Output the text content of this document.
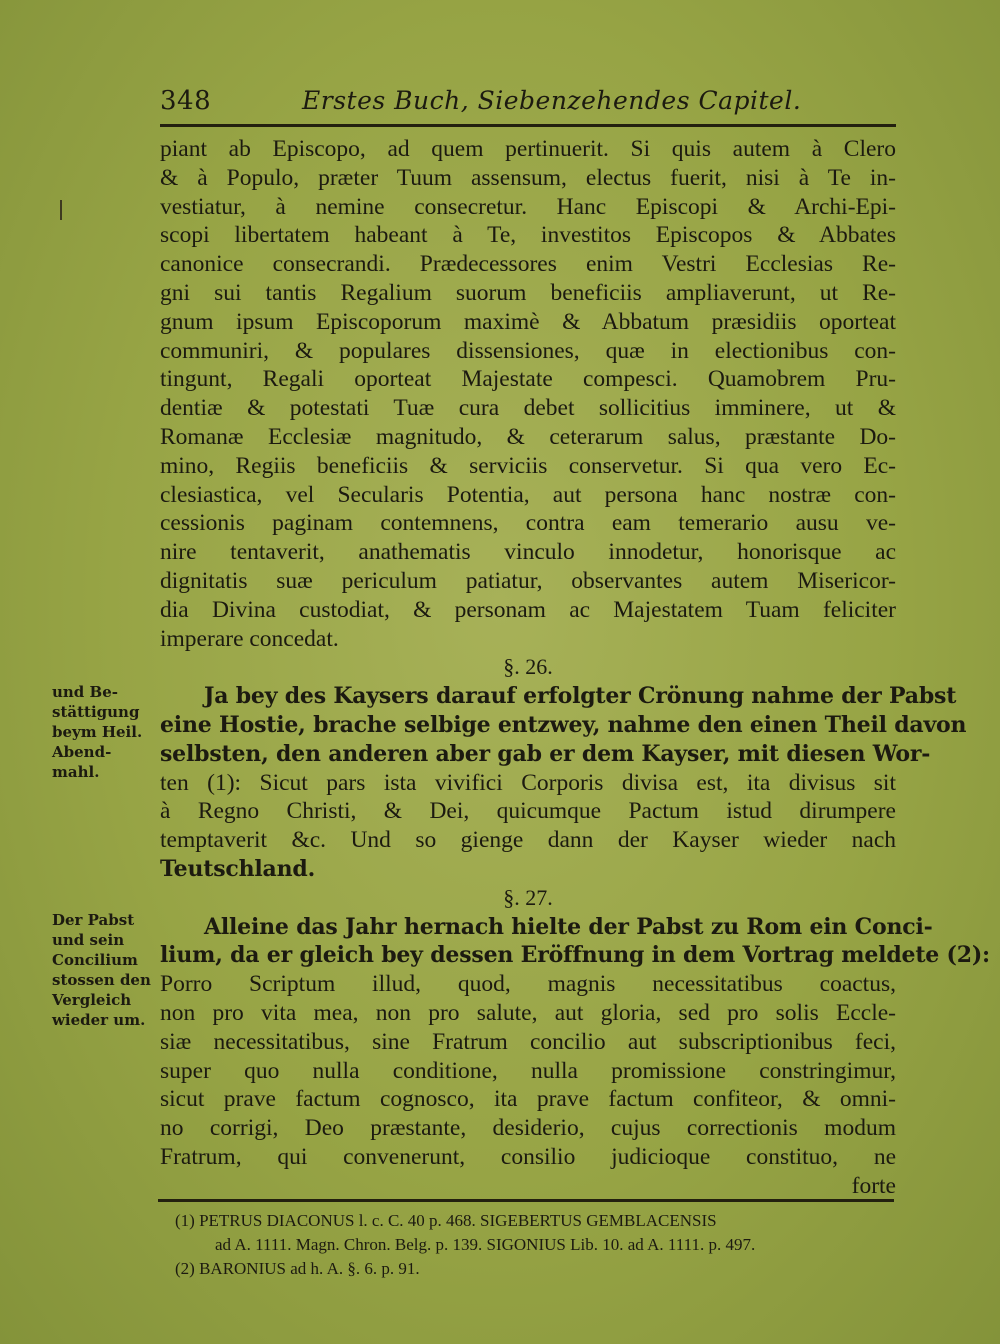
348	Erstes Buch, Siebenzehendes Capitel.
piant ab Episcopo, ad quem pertinuerit. Si quis autem à Clero
& à Populo, præter Tuum assensum, electus fuerit, nisi à Te in-
vestiatur, à nemine consecretur. Hanc Episcopi & Archi-Epi-
scopi libertatem habeant à Te, investitos Episcopos & Abbates
canonice consecrandi. Prædecessores enim Vestri Ecclesias Re-
gni sui tantis Regalium suorum beneficiis ampliaverunt, ut Re-
gnum ipsum Episcoporum maximè & Abbatum præsidiis oporteat
communiri, & populares dissensiones, quæ in electionibus con-
tingunt, Regali oporteat Majestate compesci. Quamobrem Pru-
dentiæ & potestati Tuæ cura debet sollicitius imminere, ut &
Romanæ Ecclesiæ magnitudo, & ceterarum salus, præstante Do-
mino, Regiis beneficiis & serviciis conservetur. Si qua vero Ec-
clesiastica, vel Secularis Potentia, aut persona hanc nostræ con-
cessionis paginam contemnens, contra eam temerario ausu ve-
nire tentaverit, anathematis vinculo innodetur, honorisque ac
dignitatis suæ periculum patiatur, observantes autem Misericor-
dia Divina custodiat, & personam ac Majestatem Tuam feliciter
imperare concedat.
§. 26.
Ja bey des Kaysers darauf erfolgter Crönung nahme der Pabst
eine Hostie, brache selbige entzwey, nahme den einen Theil davon
selbsten, den anderen aber gab er dem Kayser, mit diesen Wor-
ten (1): Sicut pars ista vivifici Corporis divisa est, ita divisus sit
à Regno Christi, & Dei, quicumque Pactum istud dirumpere
temptaverit &c. Und so gienge dann der Kayser wieder nach
Teutschland.
§. 27.
Alleine das Jahr hernach hielte der Pabst zu Rom ein Conci-
lium, da er gleich bey dessen Eröffnung in dem Vortrag meldete (2):
Porro Scriptum illud, quod, magnis necessitatibus coactus,
non pro vita mea, non pro salute, aut gloria, sed pro solis Eccle-
siæ necessitatibus, sine Fratrum concilio aut subscriptionibus feci,
super quo nulla conditione, nulla promissione constringimur,
sicut prave factum cognosco, ita prave factum confiteor, & omni-
no corrigi, Deo præstante, desiderio, cujus correctionis modum
Fratrum, qui convenerunt, consilio judicioque constituo, ne
forte
und Be-
stättigung
beym Heil.
Abend-
mahl.
Der Pabst
und sein
Concilium
stossen den
Vergleich
wieder um.
(1) PETRUS DIACONUS l. c. C. 40 p. 468. SIGEBERTUS GEMBLACENSIS
ad A. 1111. Magn. Chron. Belg. p. 139. SIGONIUS Lib. 10. ad A. 1111. p. 497.
(2) BARONIUS ad h. A. §. 6. p. 91.
